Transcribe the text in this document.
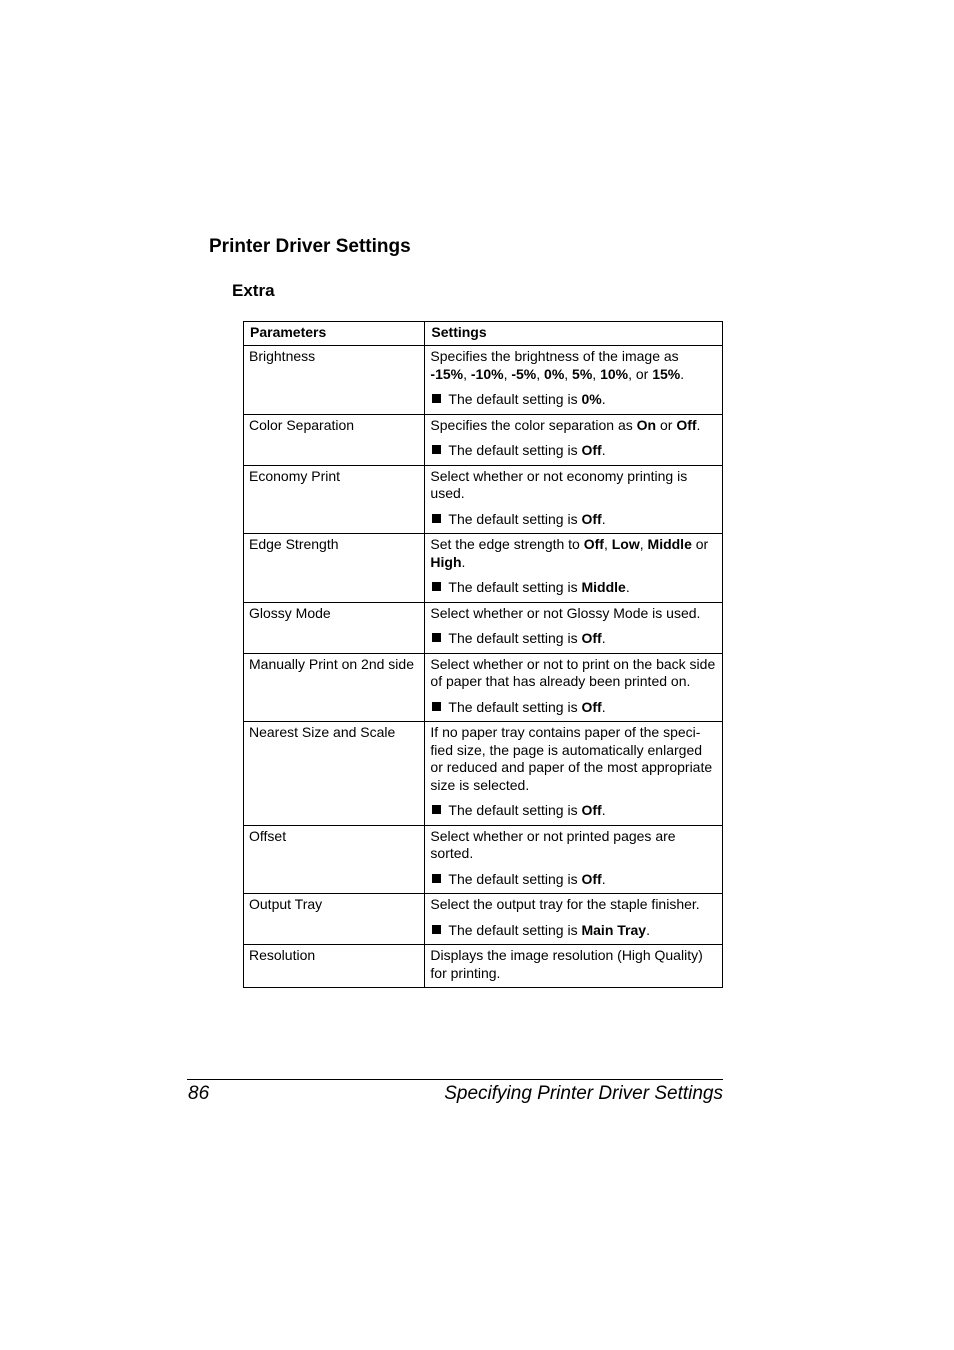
Printer Driver Settings
Extra
Parameters	Settings
Brightness	Specifies the brightness of the image as -15%, -10%, -5%, 0%, 5%, 10%, or 15%.

The default setting is 0%.

Color Separation	Specifies the color separation as On or Off.

The default setting is Off.

Economy Print	Select whether or not economy printing is used.

The default setting is Off.

Edge Strength	Set the edge strength to Off, Low, Middle or High.

The default setting is Middle.

Glossy Mode	Select whether or not Glossy Mode is used.

The default setting is Off.

Manually Print on 2nd side	Select whether or not to print on the back side of paper that has already been printed on.

The default setting is Off.

Nearest Size and Scale	If no paper tray contains paper of the speci-fied size, the page is automatically enlarged or reduced and paper of the most appropriate size is selected.

The default setting is Off.

Offset	Select whether or not printed pages are sorted.

The default setting is Off.

Output Tray	Select the output tray for the staple finisher.

The default setting is Main Tray.

Resolution	Displays the image resolution (High Quality) for printing.

86	Specifying Printer Driver Settings
